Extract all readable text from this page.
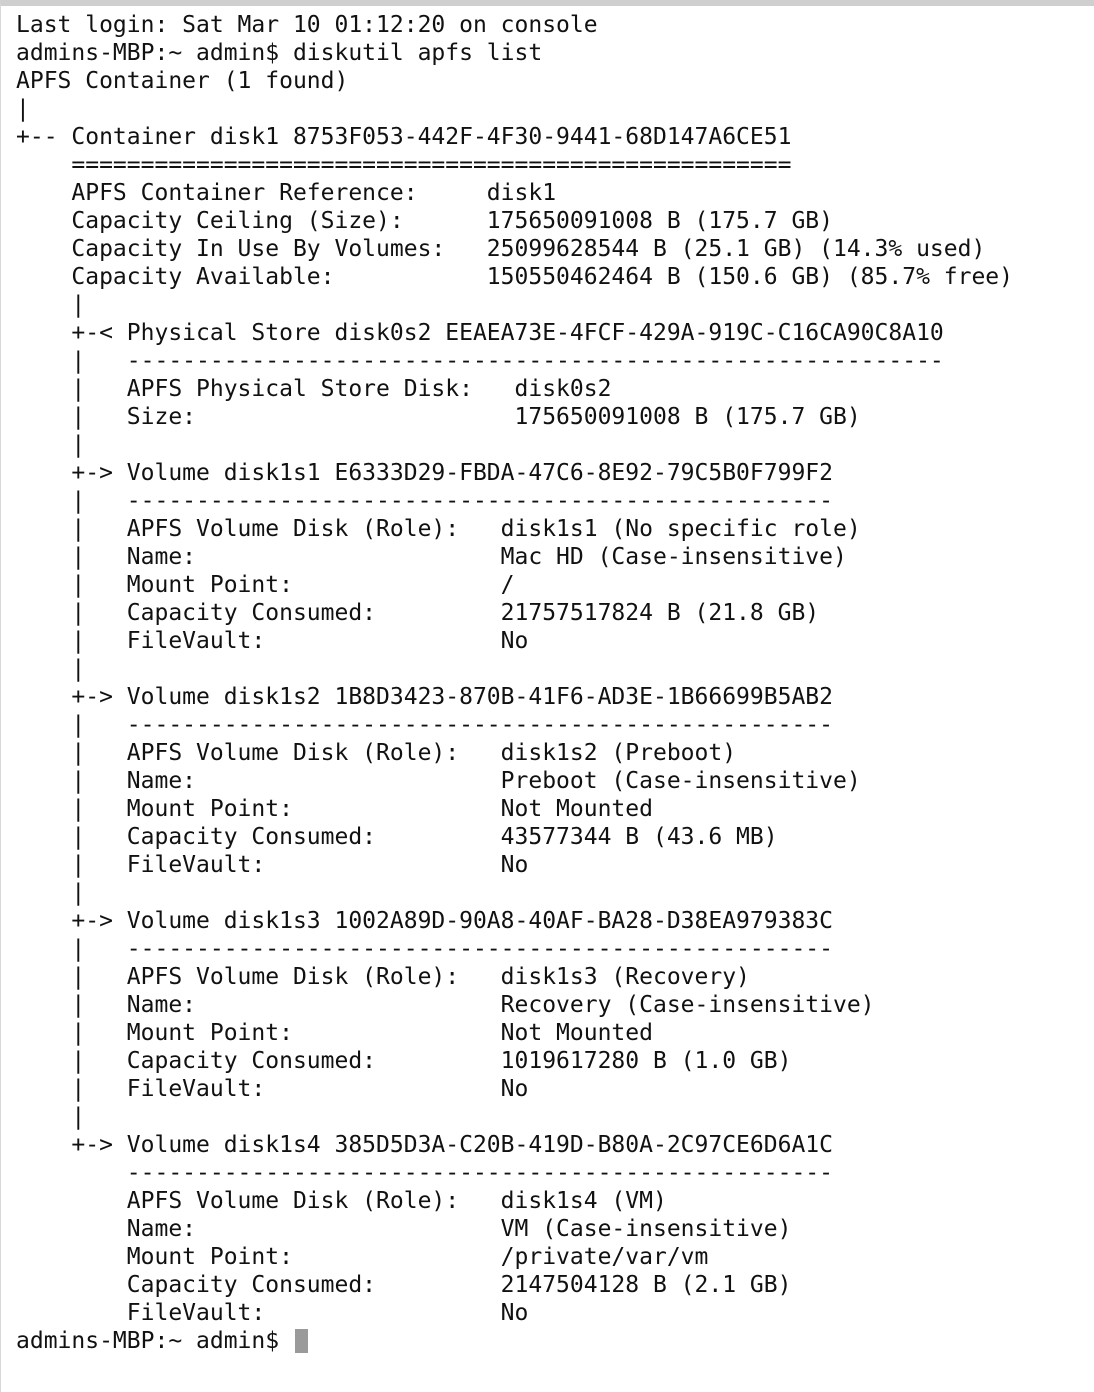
Last login: Sat Mar 10 01:12:20 on console
admins-MBP:~ admin$ diskutil apfs list
APFS Container (1 found)
|
+-- Container disk1 8753F053-442F-4F30-9441-68D147A6CE51
====================================================
APFS Container Reference:     disk1
Capacity Ceiling (Size):      175650091008 B (175.7 GB)
Capacity In Use By Volumes:   25099628544 B (25.1 GB) (14.3% used)
Capacity Available:           150550462464 B (150.6 GB) (85.7% free)
|
+-< Physical Store disk0s2 EEAEA73E-4FCF-429A-919C-C16CA90C8A10
|   -----------------------------------------------------------
|   APFS Physical Store Disk:   disk0s2
|   Size:                       175650091008 B (175.7 GB)
|
+-> Volume disk1s1 E6333D29-FBDA-47C6-8E92-79C5B0F799F2
|   ---------------------------------------------------
|   APFS Volume Disk (Role):   disk1s1 (No specific role)
|   Name:                      Mac HD (Case-insensitive)
|   Mount Point:               /
|   Capacity Consumed:         21757517824 B (21.8 GB)
|   FileVault:                 No
|
+-> Volume disk1s2 1B8D3423-870B-41F6-AD3E-1B66699B5AB2
|   ---------------------------------------------------
|   APFS Volume Disk (Role):   disk1s2 (Preboot)
|   Name:                      Preboot (Case-insensitive)
|   Mount Point:               Not Mounted
|   Capacity Consumed:         43577344 B (43.6 MB)
|   FileVault:                 No
|
+-> Volume disk1s3 1002A89D-90A8-40AF-BA28-D38EA979383C
|   ---------------------------------------------------
|   APFS Volume Disk (Role):   disk1s3 (Recovery)
|   Name:                      Recovery (Case-insensitive)
|   Mount Point:               Not Mounted
|   Capacity Consumed:         1019617280 B (1.0 GB)
|   FileVault:                 No
|
+-> Volume disk1s4 385D5D3A-C20B-419D-B80A-2C97CE6D6A1C
---------------------------------------------------
APFS Volume Disk (Role):   disk1s4 (VM)
Name:                      VM (Case-insensitive)
Mount Point:               /private/var/vm
Capacity Consumed:         2147504128 B (2.1 GB)
FileVault:                 No
admins-MBP:~ admin$
